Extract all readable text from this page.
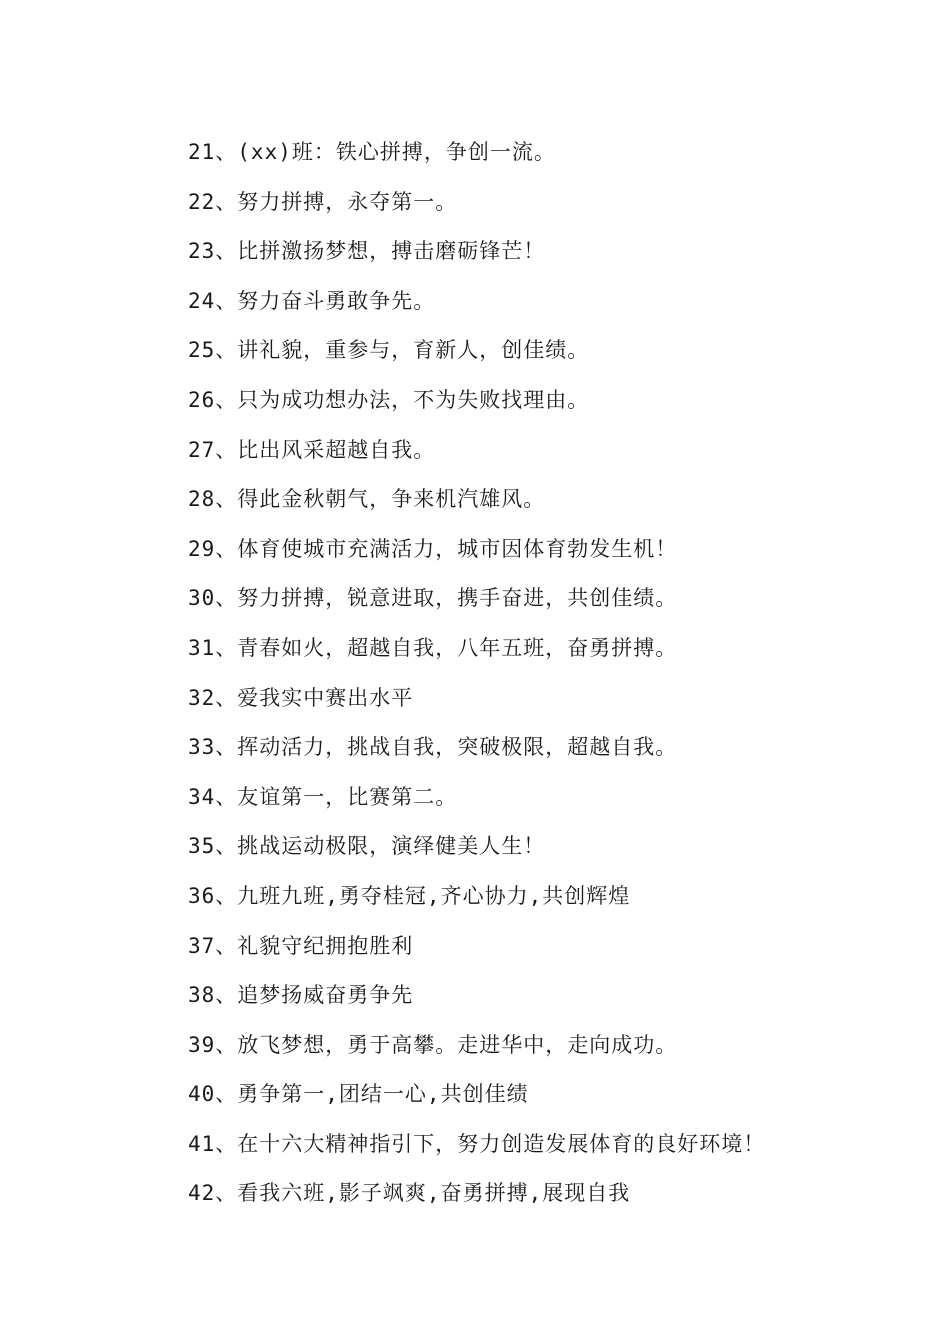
21、(xx)班：铁心拼搏，争创一流。
22、努力拼搏，永夺第一。
23、比拼激扬梦想，搏击磨砺锋芒！
24、努力奋斗勇敢争先。
25、讲礼貌，重参与，育新人，创佳绩。
26、只为成功想办法，不为失败找理由。
27、比出风采超越自我。
28、得此金秋朝气，争来机汽雄风。
29、体育使城市充满活力，城市因体育勃发生机！
30、努力拼搏，锐意进取，携手奋进，共创佳绩。
31、青春如火，超越自我，八年五班，奋勇拼搏。
32、爱我实中赛出水平
33、挥动活力，挑战自我，突破极限，超越自我。
34、友谊第一，比赛第二。
35、挑战运动极限，演绎健美人生！
36、九班九班,勇夺桂冠,齐心协力,共创辉煌
37、礼貌守纪拥抱胜利
38、追梦扬威奋勇争先
39、放飞梦想，勇于高攀。走进华中，走向成功。
40、勇争第一,团结一心,共创佳绩
41、在十六大精神指引下，努力创造发展体育的良好环境！
42、看我六班,影子飒爽,奋勇拼搏,展现自我
